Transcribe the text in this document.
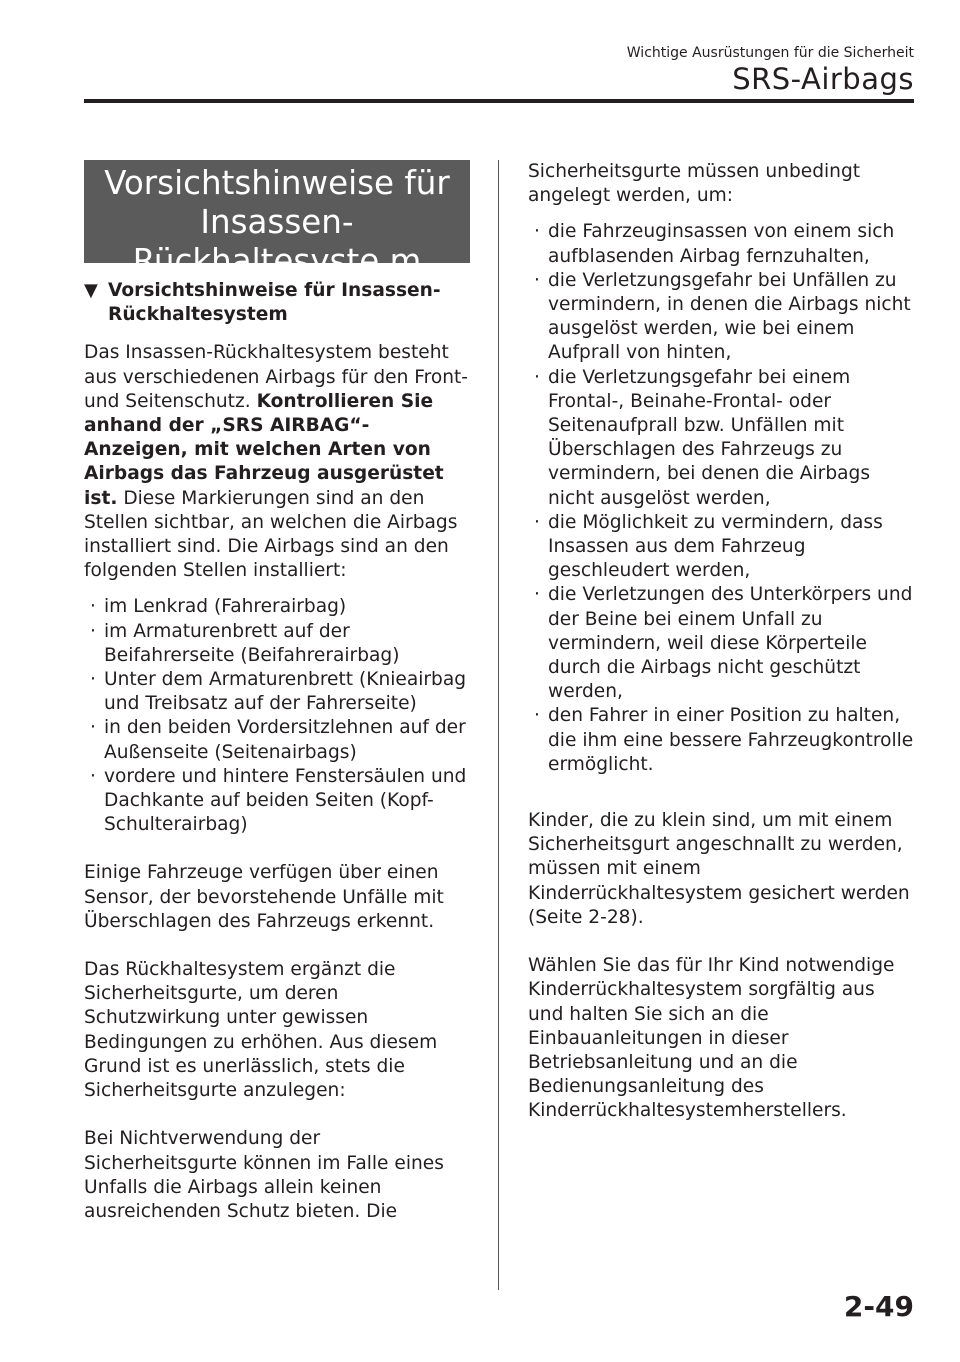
Wichtige Ausrüstungen für die Sicherheit
SRS-Airbags
Vorsichtshinweise für Insassen-Rückhaltesyste m
▼ Vorsichtshinweise für Insassen-Rückhaltesystem

Das Insassen-Rückhaltesystem besteht aus verschiedenen Airbags für den Front- und Seitenschutz. Kontrollieren Sie anhand der „SRS AIRBAG“-Anzeigen, mit welchen Arten von Airbags das Fahrzeug ausgerüstet ist. Diese Markierungen sind an den Stellen sichtbar, an welchen die Airbags installiert sind. Die Airbags sind an den folgenden Stellen installiert:

· im Lenkrad (Fahrerairbag)
· im Armaturenbrett auf der Beifahrerseite (Beifahrerairbag)
· Unter dem Armaturenbrett (Knieairbag und Treibsatz auf der Fahrerseite)
· in den beiden Vordersitzlehnen auf der Außenseite (Seitenairbags)
· vordere und hintere Fenstersäulen und Dachkante auf beiden Seiten (Kopf-Schulterairbag)

Einige Fahrzeuge verfügen über einen Sensor, der bevorstehende Unfälle mit Überschlagen des Fahrzeugs erkennt.

Das Rückhaltesystem ergänzt die Sicherheitsgurte, um deren Schutzwirkung unter gewissen Bedingungen zu erhöhen. Aus diesem Grund ist es unerlässlich, stets die Sicherheitsgurte anzulegen:

Bei Nichtverwendung der Sicherheitsgurte können im Falle eines Unfalls die Airbags allein keinen ausreichenden Schutz bieten. Die

Sicherheitsgurte müssen unbedingt angelegt werden, um:

· die Fahrzeuginsassen von einem sich aufblasenden Airbag fernzuhalten,
· die Verletzungsgefahr bei Unfällen zu vermindern, in denen die Airbags nicht ausgelöst werden, wie bei einem Aufprall von hinten,
· die Verletzungsgefahr bei einem Frontal-, Beinahe-Frontal- oder Seitenaufprall bzw. Unfällen mit Überschlagen des Fahrzeugs zu vermindern, bei denen die Airbags nicht ausgelöst werden,
· die Möglichkeit zu vermindern, dass Insassen aus dem Fahrzeug geschleudert werden,
· die Verletzungen des Unterkörpers und der Beine bei einem Unfall zu vermindern, weil diese Körperteile durch die Airbags nicht geschützt werden,
· den Fahrer in einer Position zu halten, die ihm eine bessere Fahrzeugkontrolle ermöglicht.

Kinder, die zu klein sind, um mit einem Sicherheitsgurt angeschnallt zu werden, müssen mit einem Kinderrückhaltesystem gesichert werden (Seite 2-28).

Wählen Sie das für Ihr Kind notwendige Kinderrückhaltesystem sorgfältig aus und halten Sie sich an die Einbauanleitungen in dieser Betriebsanleitung und an die Bedienungsanleitung des Kinderrückhaltesystemherstellers.

2-49
